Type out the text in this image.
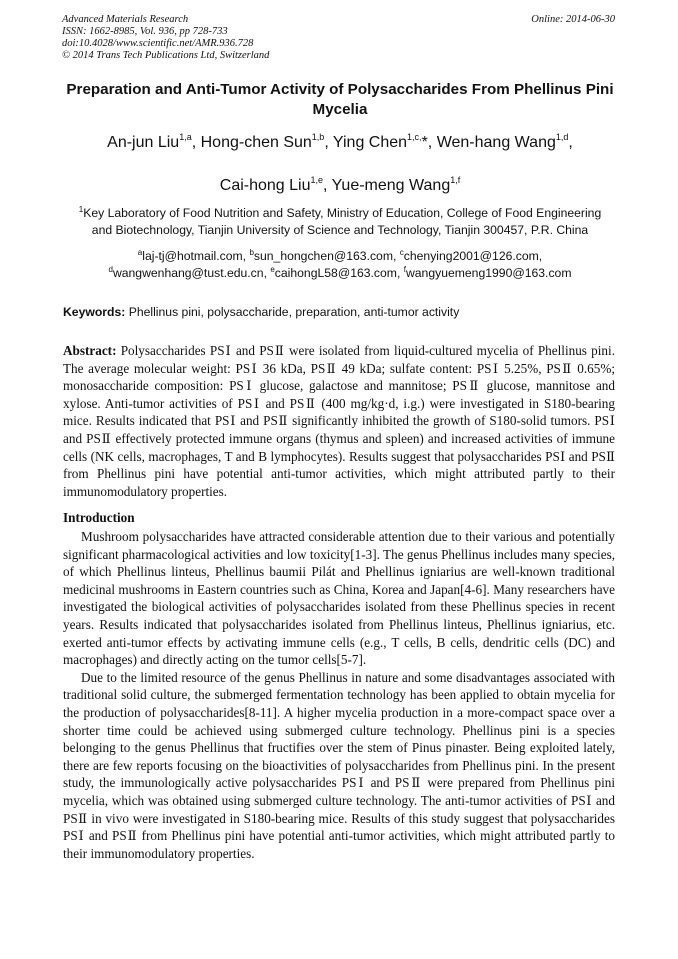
Advanced Materials Research
ISSN: 1662-8985, Vol. 936, pp 728-733
doi:10.4028/www.scientific.net/AMR.936.728
© 2014 Trans Tech Publications Ltd, Switzerland
Online: 2014-06-30
Preparation and Anti-Tumor Activity of Polysaccharides From Phellinus Pini Mycelia
An-jun Liu$^{1,a}$, Hong-chen Sun$^{1,b}$, Ying Chen$^{1,c,}$*, Wen-hang Wang$^{1,d}$,
Cai-hong Liu$^{1,e}$, Yue-meng Wang$^{1,f}$
$^1$Key Laboratory of Food Nutrition and Safety, Ministry of Education, College of Food Engineering
and Biotechnology, Tianjin University of Science and Technology, Tianjin 300457, P.R. China
$^a$laj-tj@hotmail.com, $^b$sun_hongchen@163.com, $^c$chenying2001@126.com,
$^d$wangwenhang@tust.edu.cn, $^e$caihongL58@163.com, $^f$wangyuemeng1990@163.com
Keywords: Phellinus pini, polysaccharide, preparation, anti-tumor activity
Abstract: Polysaccharides PSⅠ and PSⅡ were isolated from liquid-cultured mycelia of Phellinus pini. The average molecular weight: PSⅠ 36 kDa, PSⅡ 49 kDa; sulfate content: PSⅠ 5.25%, PSⅡ 0.65%; monosaccharide composition: PSⅠ glucose, galactose and mannitose; PSⅡ glucose, mannitose and xylose. Anti-tumor activities of PSⅠ and PSⅡ (400 mg/kg·d, i.g.) were investigated in S180-bearing mice. Results indicated that PSⅠ and PSⅡ significantly inhibited the growth of S180-solid tumors. PSⅠ and PSⅡ effectively protected immune organs (thymus and spleen) and increased activities of immune cells (NK cells, macrophages, T and B lymphocytes). Results suggest that polysaccharides PSⅠ and PSⅡ from Phellinus pini have potential anti-tumor activities, which might attributed partly to their immunomodulatory properties.
Introduction

Mushroom polysaccharides have attracted considerable attention due to their various and potentially significant pharmacological activities and low toxicity[1-3]. The genus Phellinus includes many species, of which Phellinus linteus, Phellinus baumii Pilát and Phellinus igniarius are well-known traditional medicinal mushrooms in Eastern countries such as China, Korea and Japan[4-6]. Many researchers have investigated the biological activities of polysaccharides isolated from these Phellinus species in recent years. Results indicated that polysaccharides isolated from Phellinus linteus, Phellinus igniarius, etc. exerted anti-tumor effects by activating immune cells (e.g., T cells, B cells, dendritic cells (DC) and macrophages) and directly acting on the tumor cells[5-7].

Due to the limited resource of the genus Phellinus in nature and some disadvantages associated with traditional solid culture, the submerged fermentation technology has been applied to obtain mycelia for the production of polysaccharides[8-11]. A higher mycelia production in a more-compact space over a shorter time could be achieved using submerged culture technology. Phellinus pini is a species belonging to the genus Phellinus that fructifies over the stem of Pinus pinaster. Being exploited lately, there are few reports focusing on the bioactivities of polysaccharides from Phellinus pini. In the present study, the immunologically active polysaccharides PSⅠ and PSⅡ were prepared from Phellinus pini mycelia, which was obtained using submerged culture technology. The anti-tumor activities of PSⅠ and PSⅡ in vivo were investigated in S180-bearing mice. Results of this study suggest that polysaccharides PSⅠ and PSⅡ from Phellinus pini have potential anti-tumor activities, which might attributed partly to their immunomodulatory properties.
